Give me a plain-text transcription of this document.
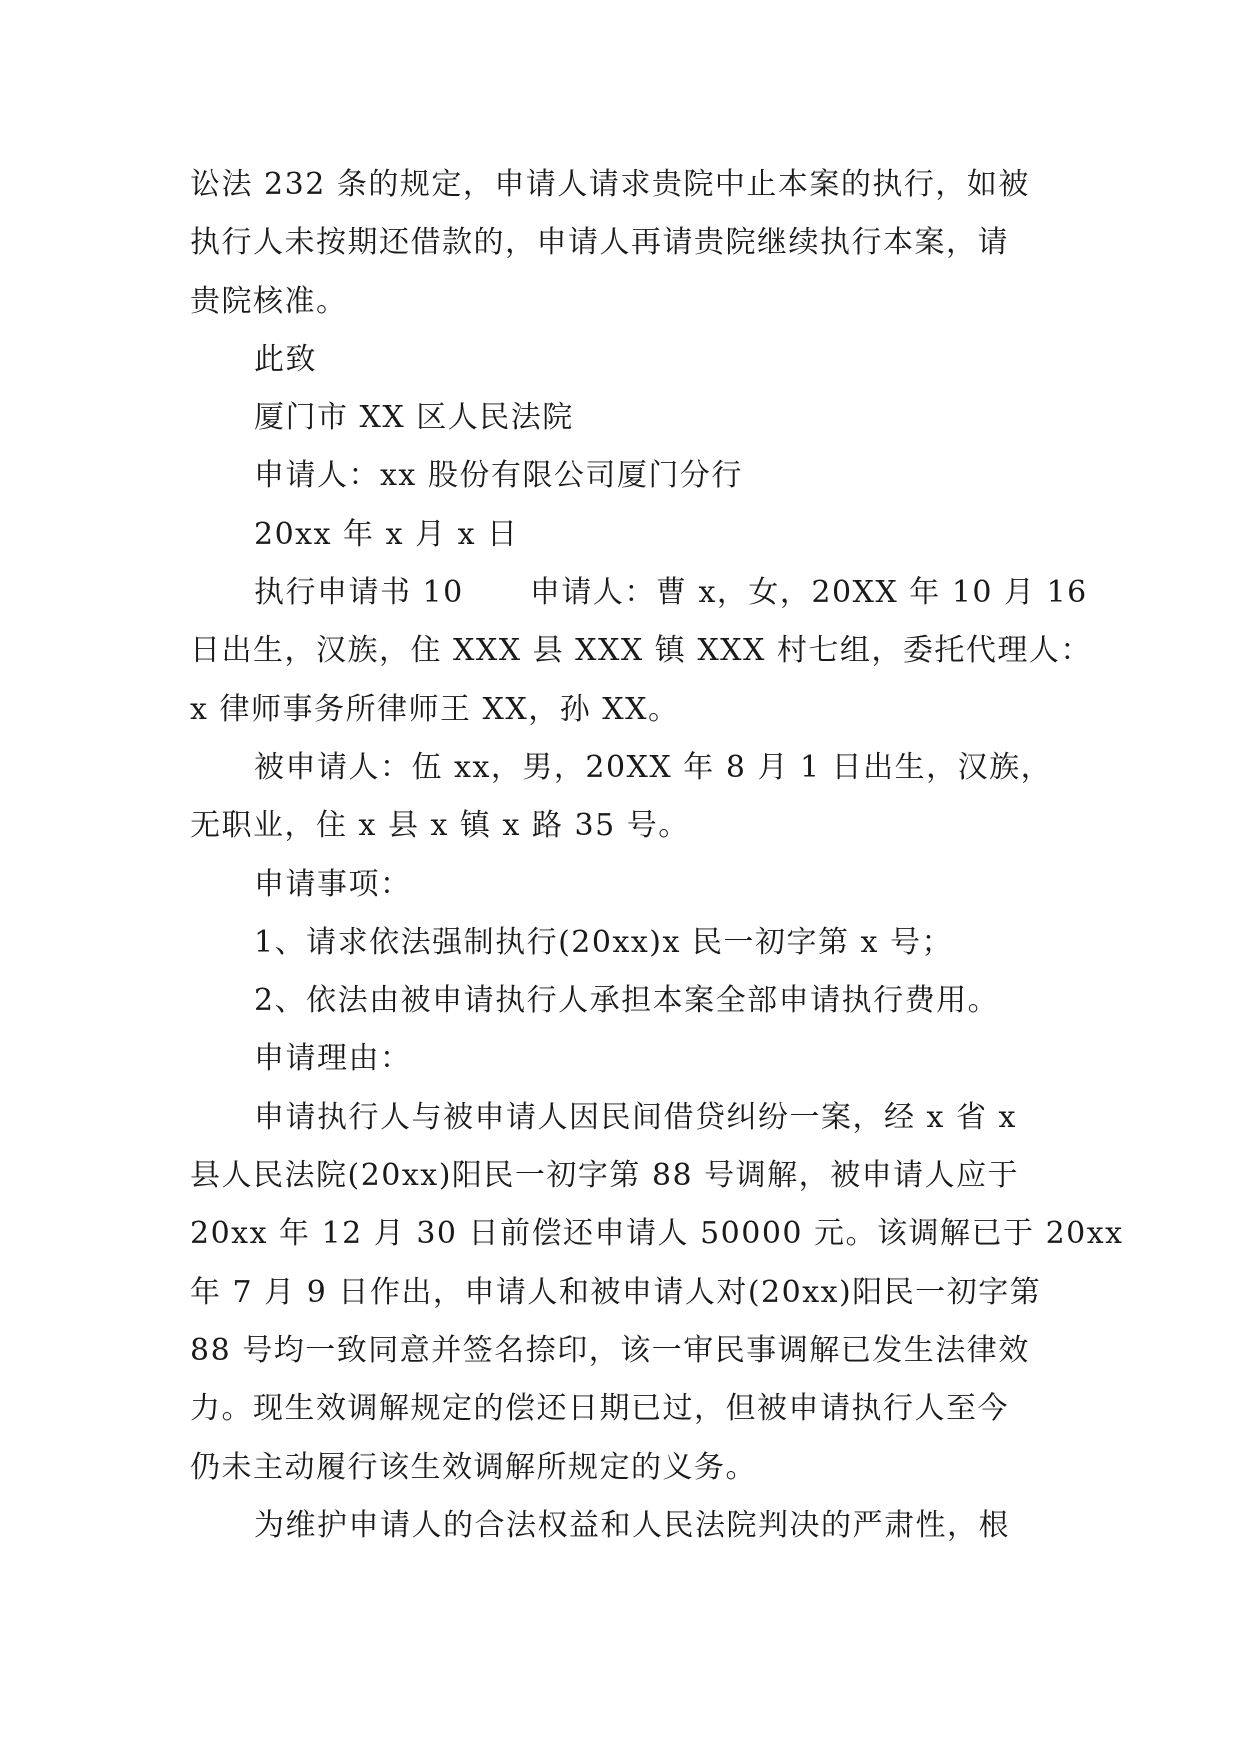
讼法 232 条的规定，申请人请求贵院中止本案的执行，如被
执行人未按期还借款的，申请人再请贵院继续执行本案，请
贵院核准。
此致
厦门市 XX 区人民法院
申请人：xx 股份有限公司厦门分行
20xx 年 x 月 x 日
执行申请书 10      申请人：曹 x，女，20XX 年 10 月 16
日出生，汉族，住 XXX 县 XXX 镇 XXX 村七组，委托代理人：
x 律师事务所律师王 XX，孙 XX。
被申请人：伍 xx，男，20XX 年 8 月 1 日出生，汉族，
无职业，住 x 县 x 镇 x 路 35 号。
申请事项：
1、请求依法强制执行(20xx)x 民一初字第 x 号；
2、依法由被申请执行人承担本案全部申请执行费用。
申请理由：
申请执行人与被申请人因民间借贷纠纷一案，经 x 省 x
县人民法院(20xx)阳民一初字第 88 号调解，被申请人应于
20xx 年 12 月 30 日前偿还申请人 50000 元。该调解已于 20xx
年 7 月 9 日作出，申请人和被申请人对(20xx)阳民一初字第
88 号均一致同意并签名捺印，该一审民事调解已发生法律效
力。现生效调解规定的偿还日期已过，但被申请执行人至今
仍未主动履行该生效调解所规定的义务。
为维护申请人的合法权益和人民法院判决的严肃性，根
